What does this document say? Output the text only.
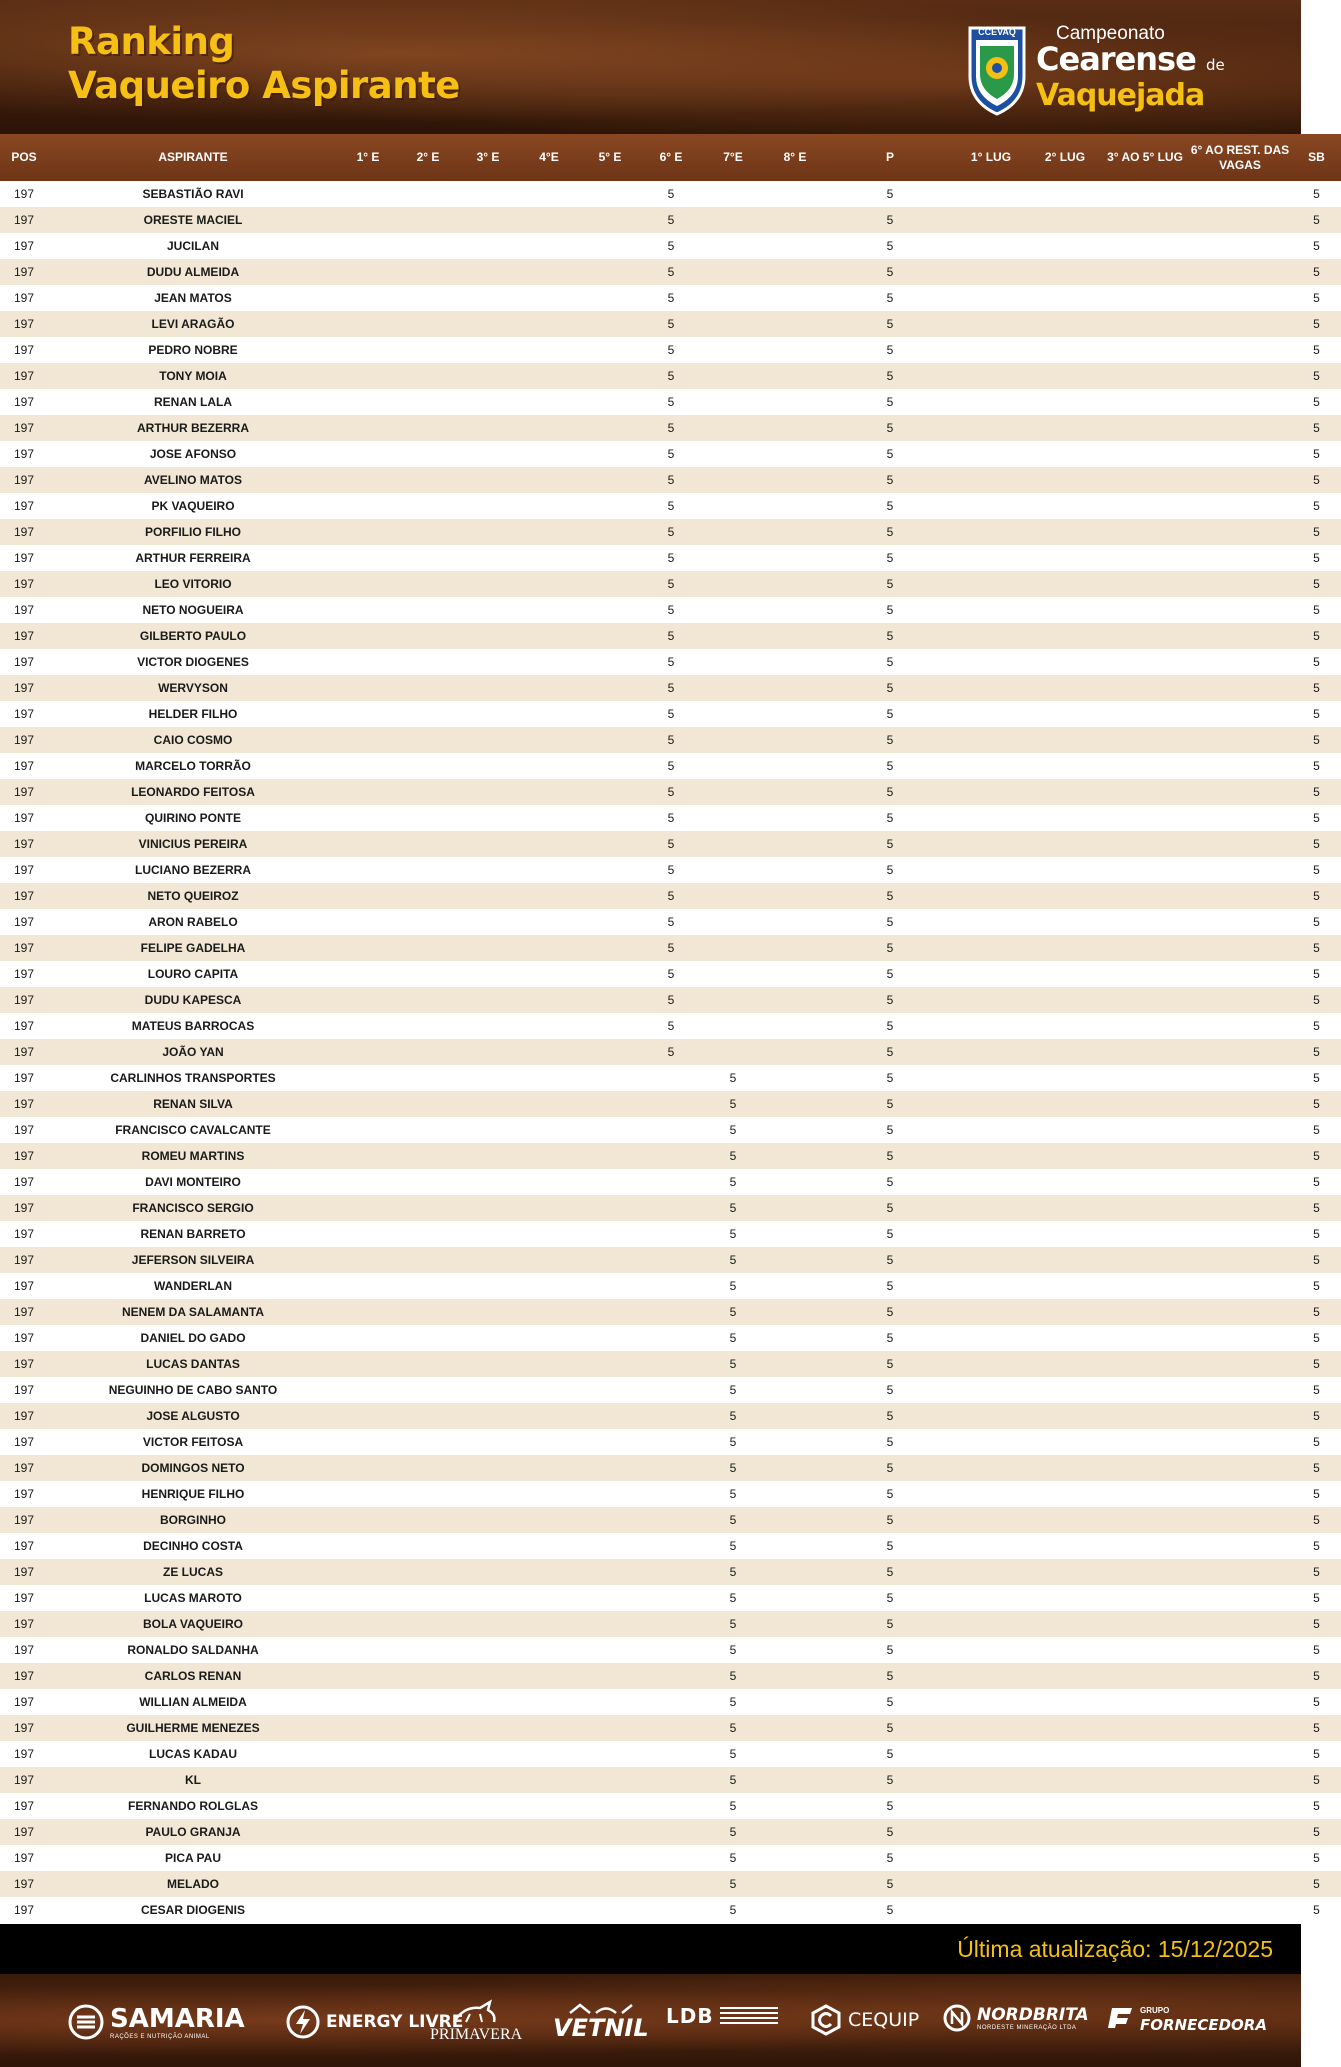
Ranking
Vaqueiro Aspirante
CCEVAQ	Campeonato
Cearense de
Vaquejada
POS	ASPIRANTE	1° E	2° E	3° E	4°E	5° E	6° E	7°E	8° E	P	1° LUG	2° LUG	3° AO 5° LUG	6° AO REST. DAS VAGAS	SB
197	SEBASTIÃO RAVI						5			5					5
197	ORESTE MACIEL						5			5					5
197	JUCILAN						5			5					5
197	DUDU ALMEIDA						5			5					5
197	JEAN MATOS						5			5					5
197	LEVI ARAGÃO						5			5					5
197	PEDRO NOBRE						5			5					5
197	TONY MOIA						5			5					5
197	RENAN LALA						5			5					5
197	ARTHUR BEZERRA						5			5					5
197	JOSE AFONSO						5			5					5
197	AVELINO MATOS						5			5					5
197	PK VAQUEIRO						5			5					5
197	PORFILIO FILHO						5			5					5
197	ARTHUR FERREIRA						5			5					5
197	LEO VITORIO						5			5					5
197	NETO NOGUEIRA						5			5					5
197	GILBERTO PAULO						5			5					5
197	VICTOR DIOGENES						5			5					5
197	WERVYSON						5			5					5
197	HELDER FILHO						5			5					5
197	CAIO COSMO						5			5					5
197	MARCELO TORRÃO						5			5					5
197	LEONARDO FEITOSA						5			5					5
197	QUIRINO PONTE						5			5					5
197	VINICIUS PEREIRA						5			5					5
197	LUCIANO BEZERRA						5			5					5
197	NETO QUEIROZ						5			5					5
197	ARON RABELO						5			5					5
197	FELIPE GADELHA						5			5					5
197	LOURO CAPITA						5			5					5
197	DUDU KAPESCA						5			5					5
197	MATEUS BARROCAS						5			5					5
197	JOÃO YAN						5			5					5
197	CARLINHOS TRANSPORTES							5		5					5
197	RENAN SILVA							5		5					5
197	FRANCISCO CAVALCANTE							5		5					5
197	ROMEU MARTINS							5		5					5
197	DAVI MONTEIRO							5		5					5
197	FRANCISCO SERGIO							5		5					5
197	RENAN BARRETO							5		5					5
197	JEFERSON SILVEIRA							5		5					5
197	WANDERLAN							5		5					5
197	NENEM DA SALAMANTA							5		5					5
197	DANIEL DO GADO							5		5					5
197	LUCAS DANTAS							5		5					5
197	NEGUINHO DE CABO SANTO							5		5					5
197	JOSE ALGUSTO							5		5					5
197	VICTOR FEITOSA							5		5					5
197	DOMINGOS NETO							5		5					5
197	HENRIQUE FILHO							5		5					5
197	BORGINHO							5		5					5
197	DECINHO COSTA							5		5					5
197	ZE LUCAS							5		5					5
197	LUCAS MAROTO							5		5					5
197	BOLA VAQUEIRO							5		5					5
197	RONALDO SALDANHA							5		5					5
197	CARLOS RENAN							5		5					5
197	WILLIAN ALMEIDA							5		5					5
197	GUILHERME MENEZES							5		5					5
197	LUCAS KADAU							5		5					5
197	KL							5		5					5
197	FERNANDO ROLGLAS							5		5					5
197	PAULO GRANJA							5		5					5
197	PICA PAU							5		5					5
197	MELADO							5		5					5
197	CESAR DIOGENIS							5		5					5
Última atualização: 15/12/2025
SAMARIA
RAÇÕES E NUTRIÇÃO ANIMAL
ENERGY LIVRE
PRIMAVERA VETNIL LDB	CEQUIP	NORDBRITA
NORDESTE MINERAÇÃO LTDA
GRUPO
FORNECEDORA
